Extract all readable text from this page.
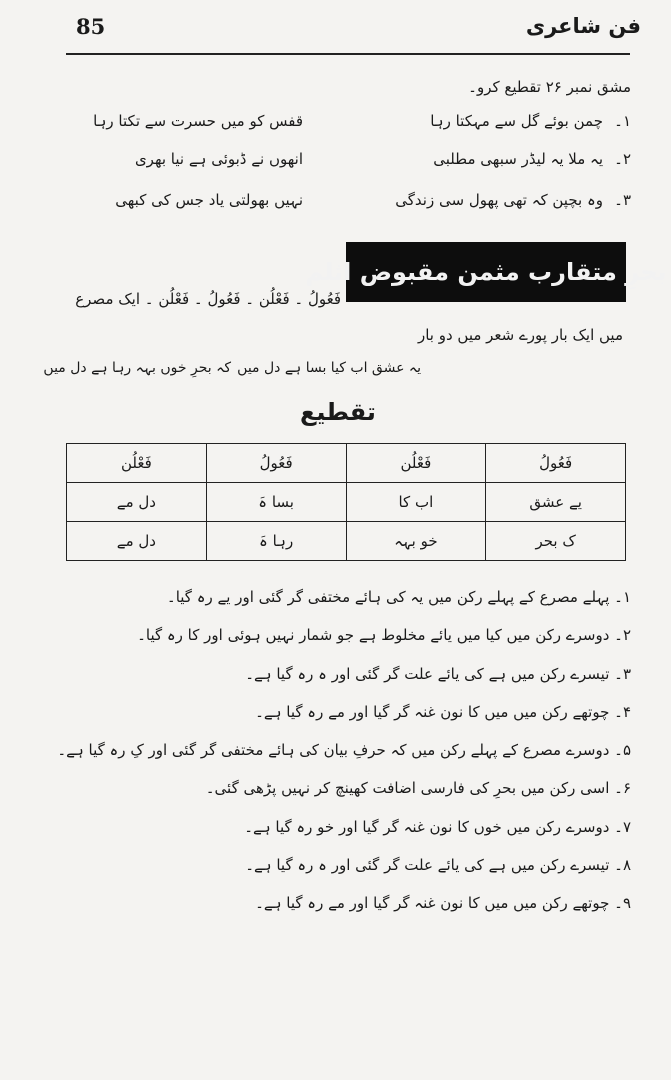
85	فن شاعری
مشق نمبر ۲۶ تقطیع کرو۔
۱۔
چمن بوئے گل سے مہکتا رہا
قفس کو میں حسرت سے تکتا رہا
۲۔
یہ ملا یہ لیڈر سبھی مطلبی
انھوں نے ڈبوئی ہے نیا بھری
۳۔
وہ بچپن کہ تھی پھول سی زندگی
نہیں بھولتی یاد جس کی کبھی
بحرِ متقارب مثمن مقبوض اثلم
فَعُولُ ۔ فَعْلُن ۔ فَعُولُ ۔ فَعْلُن ۔ ایک مصرع
میں ایک بار پورے شعر میں دو بار
یہ عشق اب کیا بسا ہے دل میں
کہ بحرِ خوں بہہ رہا ہے دل میں
تقطیع
فَعُولُ	فَعْلُن	فَعُولُ	فَعْلُن
یے عشق	اب کا	بسا ہَ	دل مے
ک بحر	خو بہہ	رہا ہَ	دل مے
۱۔ پہلے مصرع کے پہلے رکن میں یہ کی ہائے مختفی گر گئی اور یے رہ گیا۔
۲۔ دوسرے رکن میں کیا میں یائے مخلوط ہے جو شمار نہیں ہوئی اور کا رہ گیا۔
۳۔ تیسرے رکن میں ہے کی یائے علت گر گئی اور ہ رہ گیا ہے۔
۴۔ چوتھے رکن میں میں کا نون غنہ گر گیا اور مے رہ گیا ہے۔
۵۔ دوسرے مصرع کے پہلے رکن میں کہ حرفِ بیان کی ہائے مختفی گر گئی اور کِ رہ گیا ہے۔
۶۔ اسی رکن میں بحرِ کی فارسی اضافت کھینچ کر نہیں پڑھی گئی۔
۷۔ دوسرے رکن میں خوں کا نون غنہ گر گیا اور خو رہ گیا ہے۔
۸۔ تیسرے رکن میں ہے کی یائے علت گر گئی اور ہ رہ گیا ہے۔
۹۔ چوتھے رکن میں میں کا نون غنہ گر گیا اور مے رہ گیا ہے۔
